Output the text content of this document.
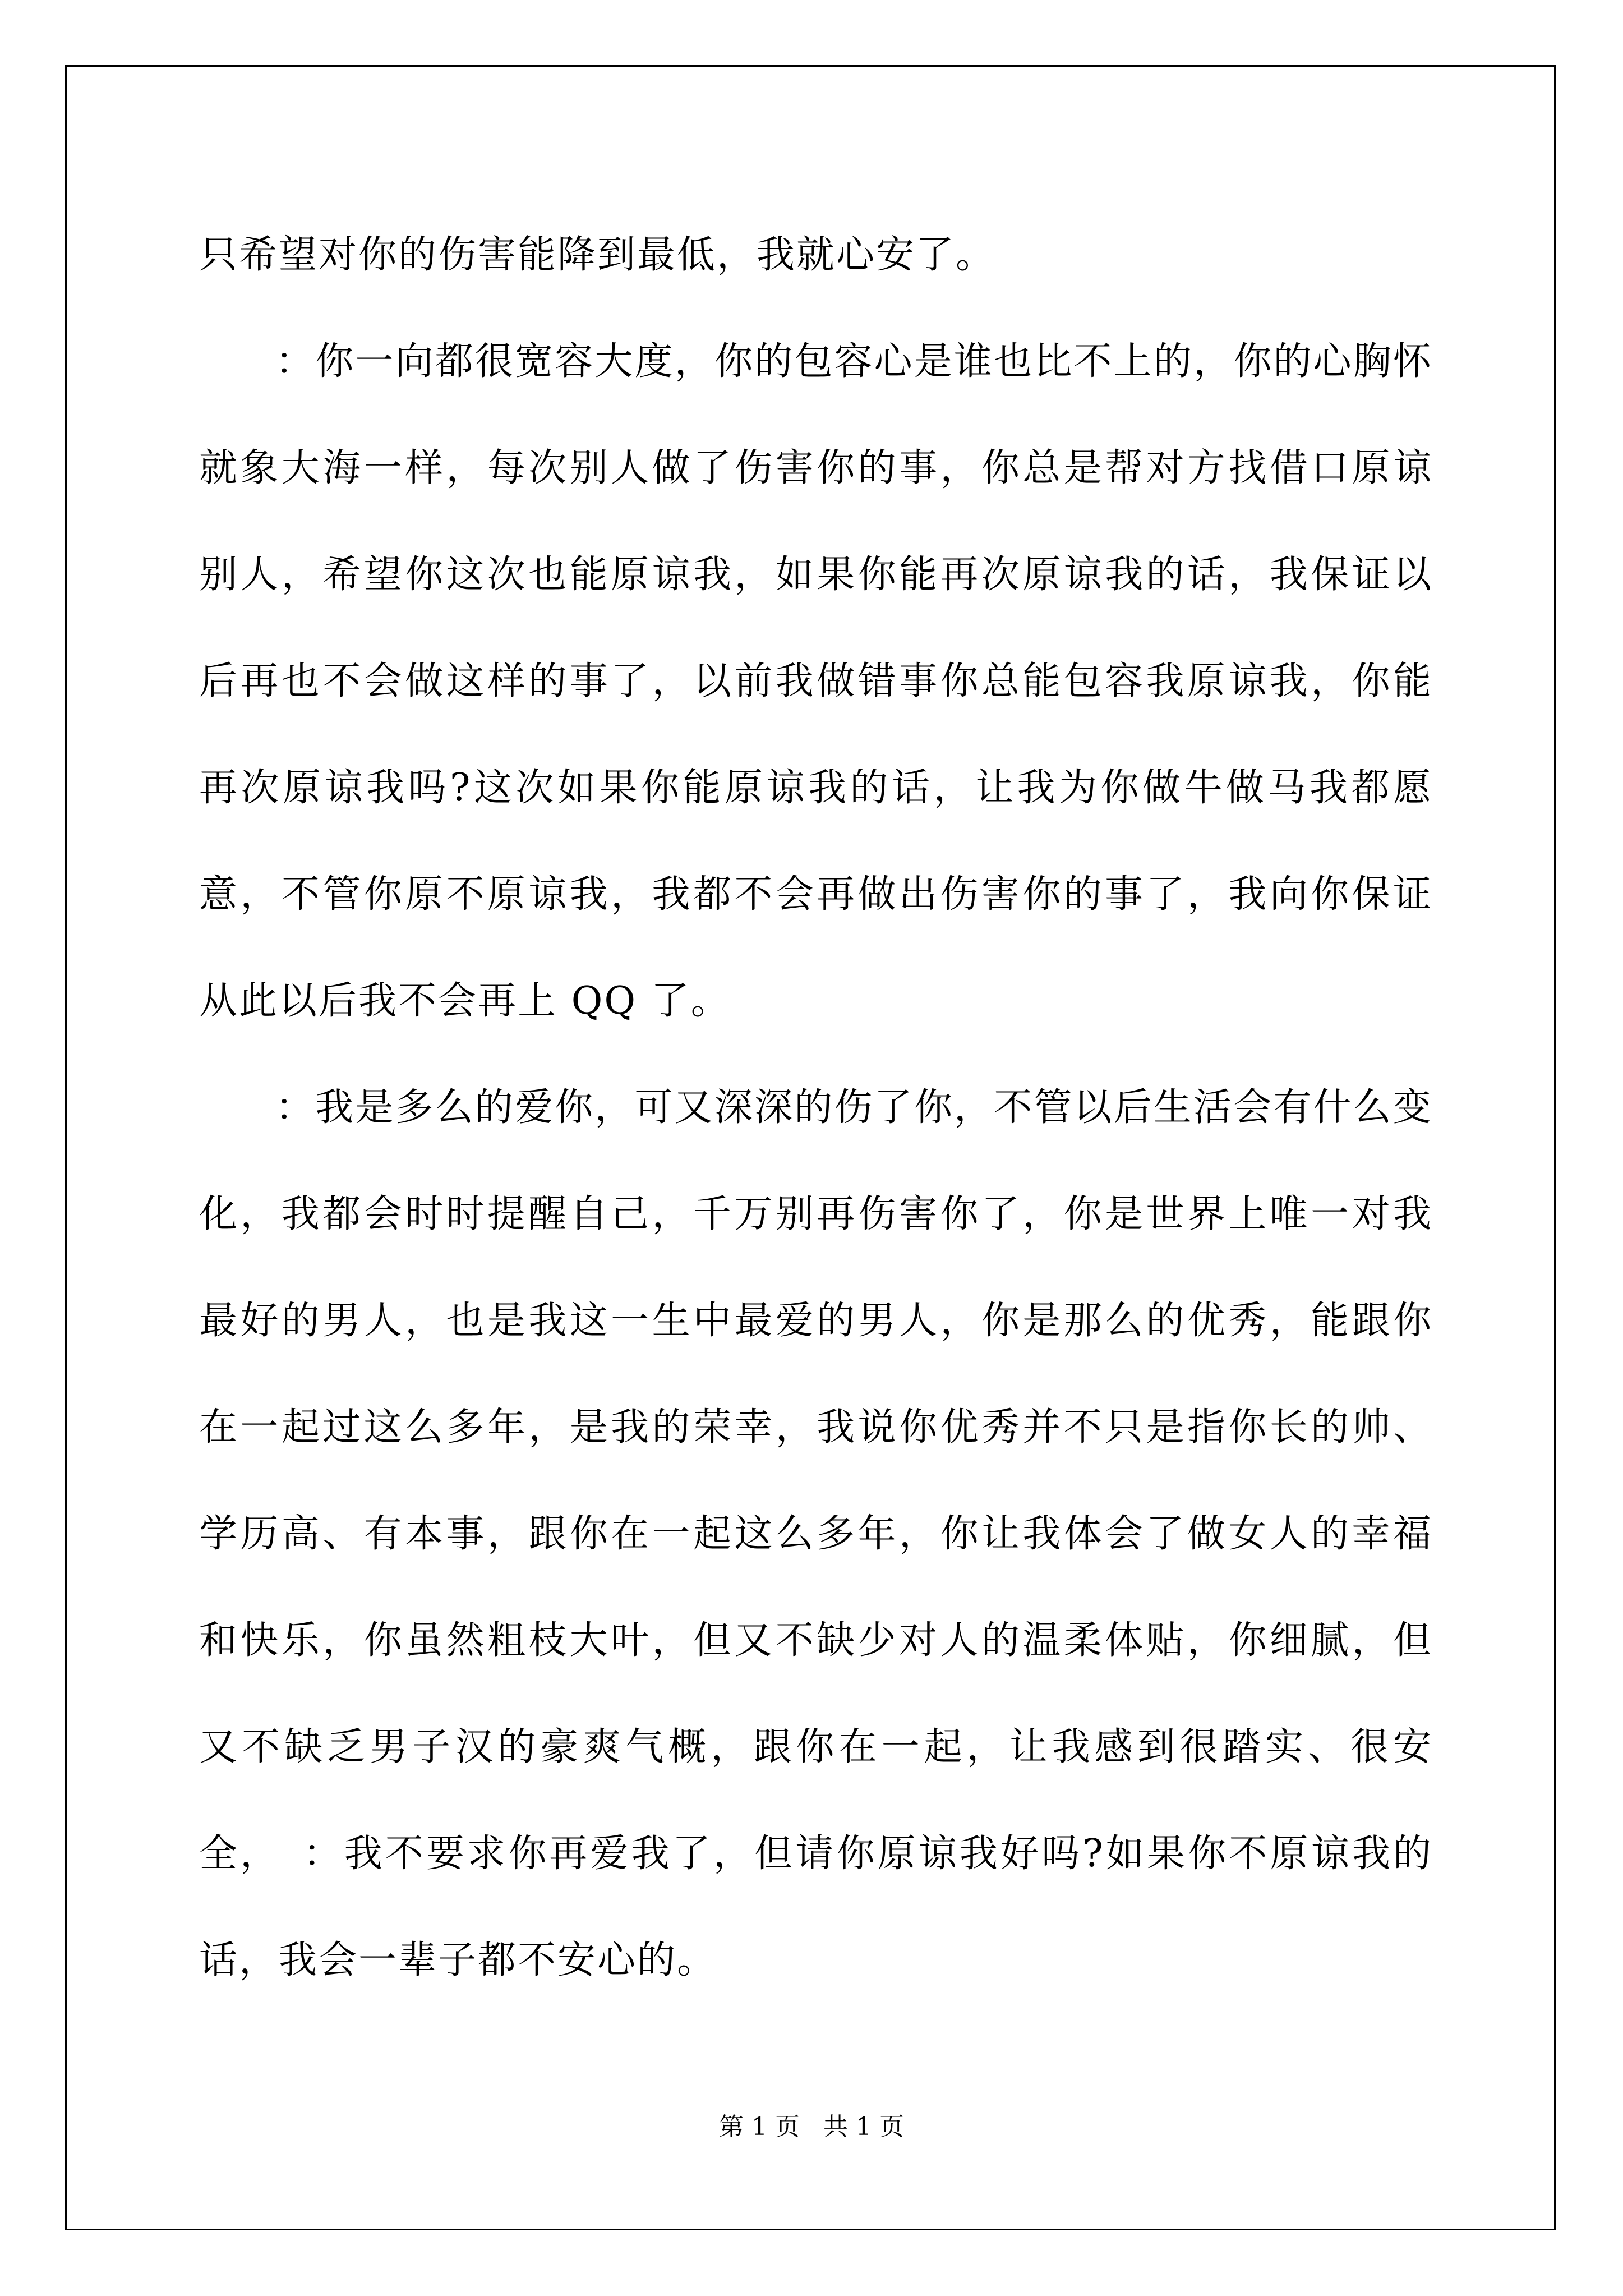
只希望对你的伤害能降到最低，我就心安了。

：你一向都很宽容大度，你的包容心是谁也比不上的，你的心胸怀就象大海一样，每次别人做了伤害你的事，你总是帮对方找借口原谅别人，希望你这次也能原谅我，如果你能再次原谅我的话，我保证以后再也不会做这样的事了，以前我做错事你总能包容我原谅我，你能再次原谅我吗?这次如果你能原谅我的话，让我为你做牛做马我都愿意，不管你原不原谅我，我都不会再做出伤害你的事了，我向你保证从此以后我不会再上 QQ 了。

：我是多么的爱你，可又深深的伤了你，不管以后生活会有什么变化，我都会时时提醒自己，千万别再伤害你了，你是世界上唯一对我最好的男人，也是我这一生中最爱的男人，你是那么的优秀，能跟你在一起过这么多年，是我的荣幸，我说你优秀并不只是指你长的帅、学历高、有本事，跟你在一起这么多年，你让我体会了做女人的幸福和快乐，你虽然粗枝大叶，但又不缺少对人的温柔体贴，你细腻，但又不缺乏男子汉的豪爽气概，跟你在一起，让我感到很踏实、很安全，　：我不要求你再爱我了，但请你原谅我好吗?如果你不原谅我的话，我会一辈子都不安心的。

第 1 页 共 1 页
